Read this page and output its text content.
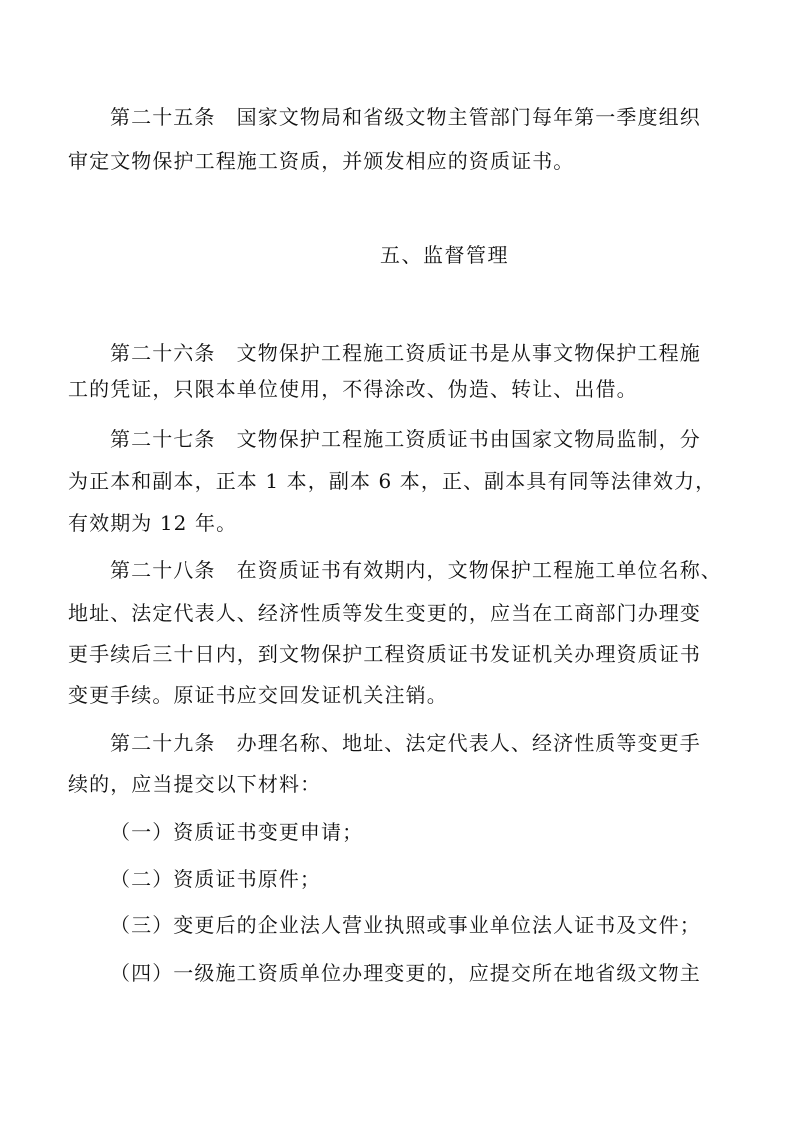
第二十五条　国家文物局和省级文物主管部门每年第一季度组织
审定文物保护工程施工资质，并颁发相应的资质证书。
五、监督管理
第二十六条　文物保护工程施工资质证书是从事文物保护工程施
工的凭证，只限本单位使用，不得涂改、伪造、转让、出借。
第二十七条　文物保护工程施工资质证书由国家文物局监制，分
为正本和副本，正本 1 本，副本 6 本，正、副本具有同等法律效力，
有效期为 12 年。
第二十八条　在资质证书有效期内，文物保护工程施工单位名称、
地址、法定代表人、经济性质等发生变更的，应当在工商部门办理变
更手续后三十日内，到文物保护工程资质证书发证机关办理资质证书
变更手续。原证书应交回发证机关注销。
第二十九条　办理名称、地址、法定代表人、经济性质等变更手
续的，应当提交以下材料：
（一）资质证书变更申请；
（二）资质证书原件；
（三）变更后的企业法人营业执照或事业单位法人证书及文件；
（四）一级施工资质单位办理变更的，应提交所在地省级文物主
